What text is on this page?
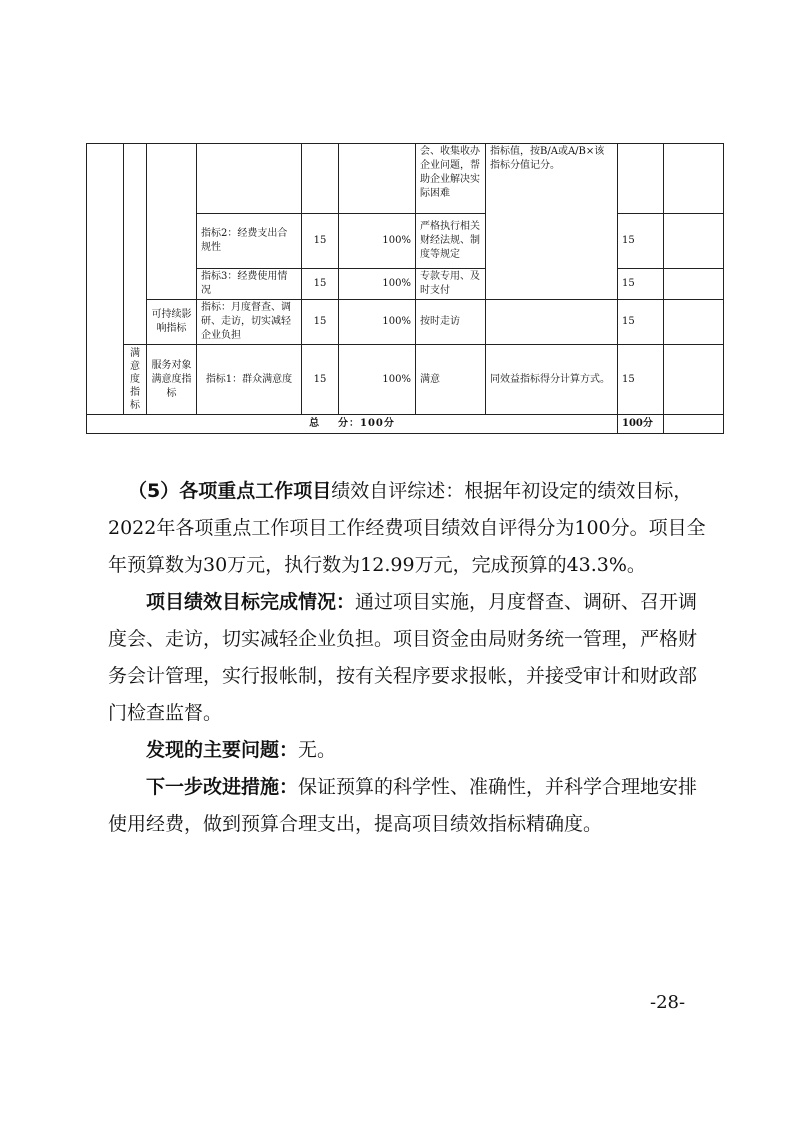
						会、收集收办企业问题，帮助企业解决实际困难	指标值，按B/A或A/B×该指标分值记分。		
			指标2：经费支出合规性	15	100%	严格执行相关财经法规、制度等规定		15	
			指标3：经费使用情况	15	100%	专款专用、及时支付		15	
		可持续影响指标	指标：月度督查、调研、走访，切实减轻企业负担	15	100%	按时走访		15	

	满意度指标	服务对象满意度指标	指标1：群众满意度	15	100%	满意	同效益指标得分计算方式。	15	
总    分：100分								100分	

（5）各项重点工作项目绩效自评综述：根据年初设定的绩效目标，2022年各项重点工作项目工作经费项目绩效自评得分为100分。项目全年预算数为30万元，执行数为12.99万元，完成预算的43.3%。

项目绩效目标完成情况：通过项目实施，月度督查、调研、召开调度会、走访，切实减轻企业负担。项目资金由局财务统一管理，严格财务会计管理，实行报帐制，按有关程序要求报帐，并接受审计和财政部门检查监督。

发现的主要问题：无。

下一步改进措施：保证预算的科学性、准确性，并科学合理地安排使用经费，做到预算合理支出，提高项目绩效指标精确度。

-28-
